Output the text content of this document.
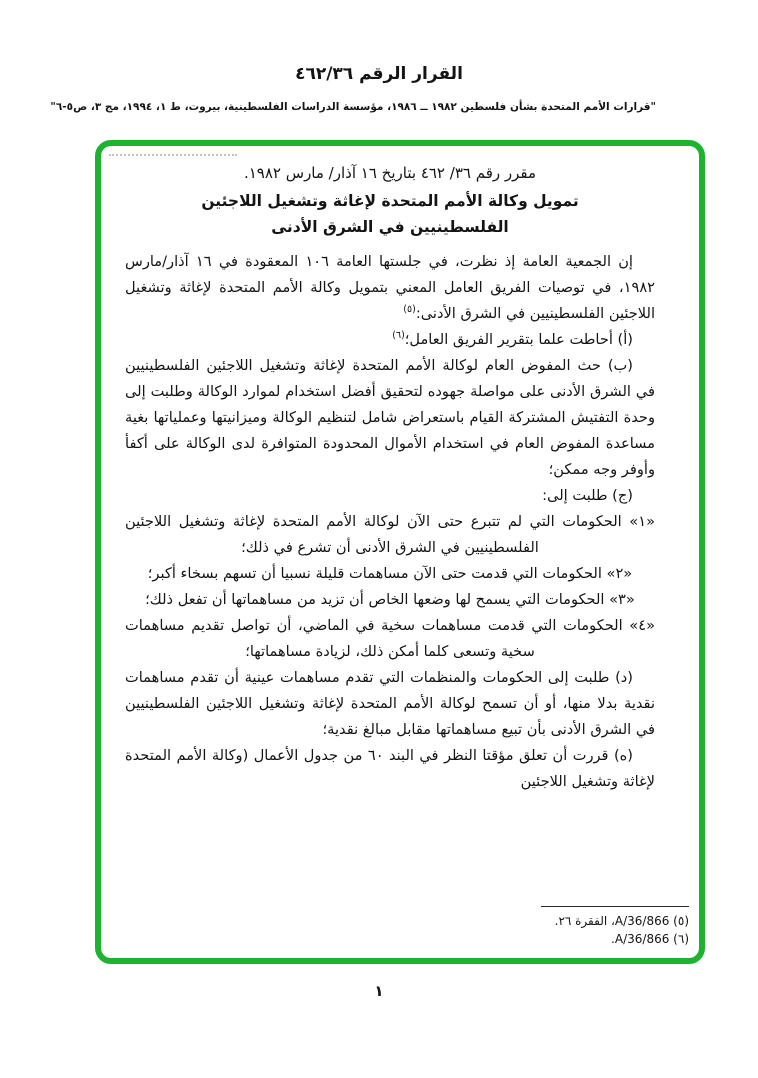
القرار الرقم ٤٦٢/٣٦
"قرارات الأمم المتحدة بشأن فلسطين ١٩٨٢ ــ ١٩٨٦، مؤسسة الدراسات الفلسطينية، بيروت، ط ١، ١٩٩٤، مج ٣، ص٥-٦"

مقرر رقم ٣٦/ ٤٦٢ بتاريخ ١٦ آذار/ مارس ١٩٨٢.

تمويل وكالة الأمم المتحدة لإغاثة وتشغيل اللاجئين

الفلسطينيين في الشرق الأدنى

إن الجمعية العامة إذ نظرت، في جلستها العامة ١٠٦ المعقودة في ١٦ آذار/مارس ١٩٨٢، في توصيات الفريق العامل المعني بتمويل وكالة الأمم المتحدة لإغاثة وتشغيل اللاجئين الفلسطينيين في الشرق الأدنى:$^{(٥)}$

(أ) أحاطت علما بتقرير الفريق العامل؛$^{(٦)}$

(ب) حث المفوض العام لوكالة الأمم المتحدة لإغاثة وتشغيل اللاجئين الفلسطينيين في الشرق الأدنى على مواصلة جهوده لتحقيق أفضل استخدام لموارد الوكالة وطلبت إلى وحدة التفتيش المشتركة القيام باستعراض شامل لتنظيم الوكالة وميزانيتها وعملياتها بغية مساعدة المفوض العام في استخدام الأموال المحدودة المتوافرة لدى الوكالة على أكفأ وأوفر وجه ممكن؛

(ج) طلبت إلى:

«١» الحكومات التي لم تتبرع حتى الآن لوكالة الأمم المتحدة لإغاثة وتشغيل اللاجئين الفلسطينيين في الشرق الأدنى أن تشرع في ذلك؛

«٢» الحكومات التي قدمت حتى الآن مساهمات قليلة نسبيا أن تسهم بسخاء أكبر؛

«٣» الحكومات التي يسمح لها وضعها الخاص أن تزيد من مساهماتها أن تفعل ذلك؛

«٤» الحكومات التي قدمت مساهمات سخية في الماضي، أن تواصل تقديم مساهمات سخية وتسعى كلما أمكن ذلك، لزيادة مساهماتها؛

(د) طلبت إلى الحكومات والمنظمات التي تقدم مساهمات عينية أن تقدم مساهمات نقدية بدلا منها، أو أن تسمح لوكالة الأمم المتحدة لإغاثة وتشغيل اللاجئين الفلسطينيين في الشرق الأدنى بأن تبيع مساهماتها مقابل مبالغ نقدية؛

(ه) قررت أن تعلق مؤقتا النظر في البند ٦٠ من جدول الأعمال (وكالة الأمم المتحدة لإغاثة وتشغيل اللاجئين

(٥) A/36/866، الفقرة ٢٦.
(٦) A/36/866.
١
